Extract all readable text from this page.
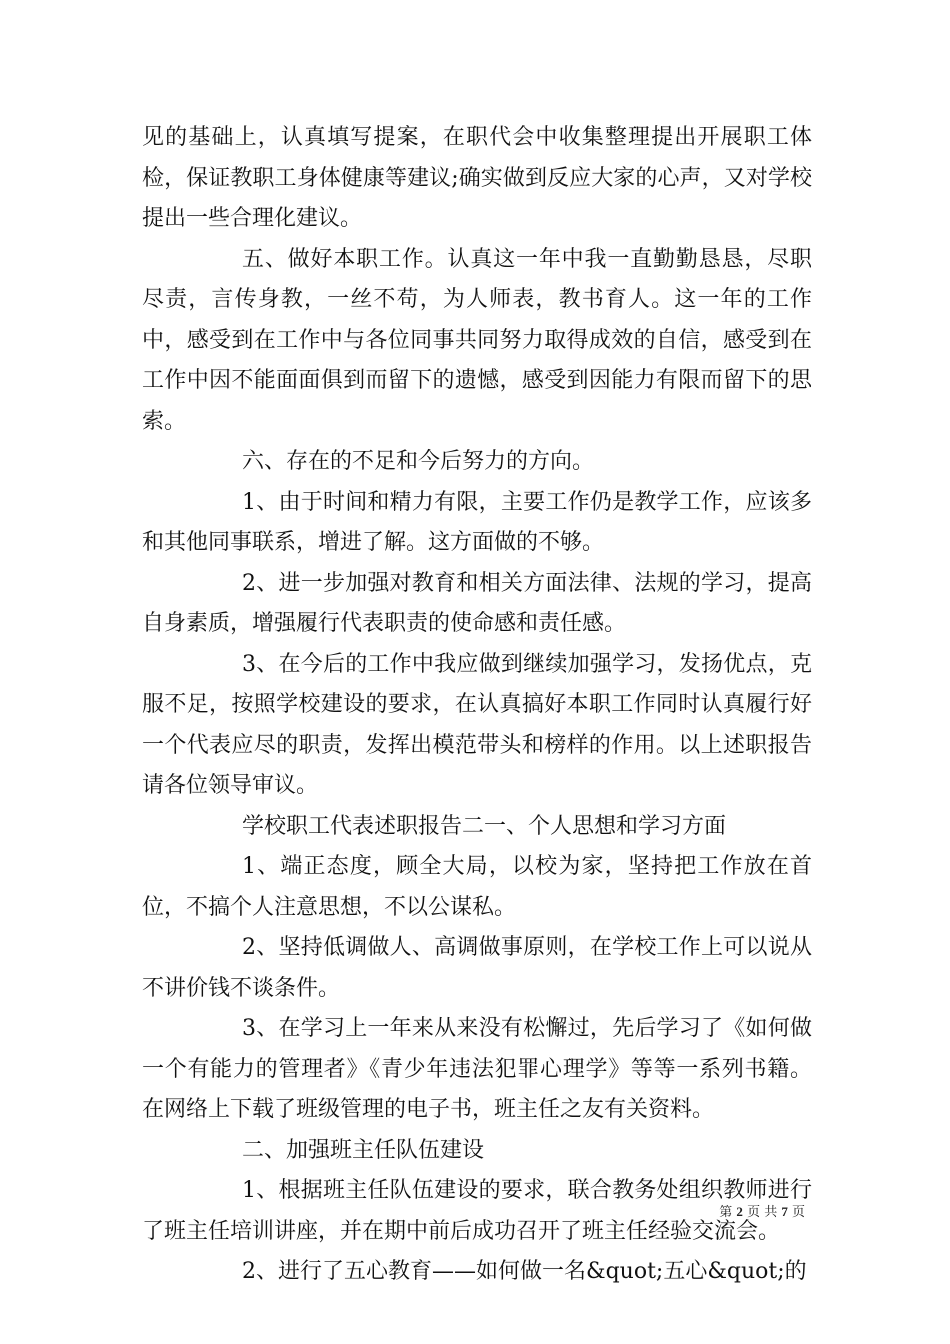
见的基础上，认真填写提案，在职代会中收集整理提出开展职工体检，保证教职工身体健康等建议;确实做到反应大家的心声，又对学校提出一些合理化建议。

五、做好本职工作。认真这一年中我一直勤勤恳恳，尽职尽责，言传身教，一丝不苟，为人师表，教书育人。这一年的工作中，感受到在工作中与各位同事共同努力取得成效的自信，感受到在工作中因不能面面俱到而留下的遗憾，感受到因能力有限而留下的思索。

六、存在的不足和今后努力的方向。

1、由于时间和精力有限，主要工作仍是教学工作，应该多和其他同事联系，增进了解。这方面做的不够。

2、进一步加强对教育和相关方面法律、法规的学习，提高自身素质，增强履行代表职责的使命感和责任感。

3、在今后的工作中我应做到继续加强学习，发扬优点，克服不足，按照学校建设的要求，在认真搞好本职工作同时认真履行好一个代表应尽的职责，发挥出模范带头和榜样的作用。以上述职报告请各位领导审议。

学校职工代表述职报告二一、个人思想和学习方面

1、端正态度，顾全大局，以校为家，坚持把工作放在首位，不搞个人注意思想，不以公谋私。

2、坚持低调做人、高调做事原则，在学校工作上可以说从不讲价钱不谈条件。

3、在学习上一年来从来没有松懈过，先后学习了《如何做一个有能力的管理者》《青少年违法犯罪心理学》等等一系列书籍。在网络上下载了班级管理的电子书，班主任之友有关资料。

二、加强班主任队伍建设

1、根据班主任队伍建设的要求，联合教务处组织教师进行了班主任培训讲座，并在期中前后成功召开了班主任经验交流会。

2、进行了五心教育——如何做一名&quot;五心&quot;的

第 2 页 共 7 页
